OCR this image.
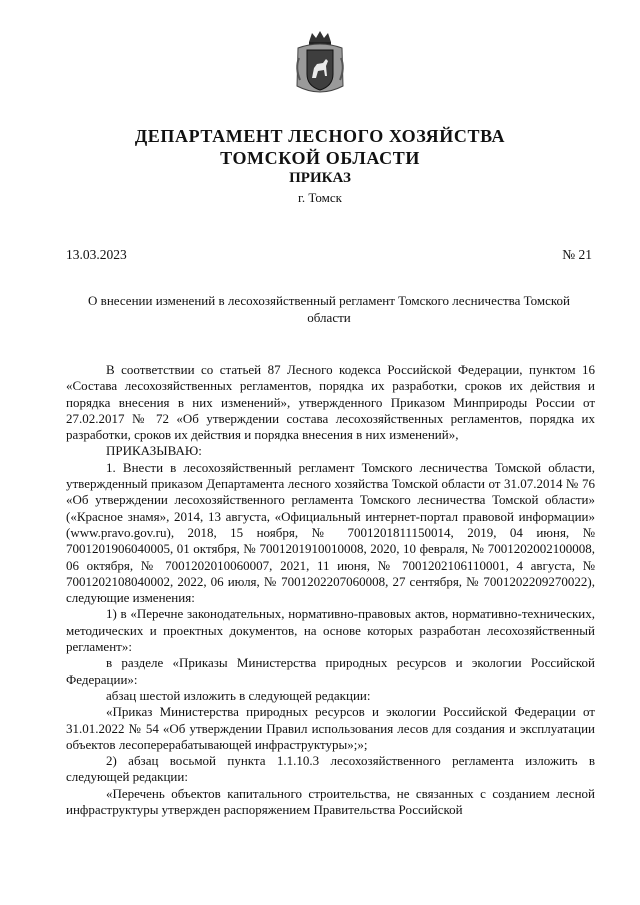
ДЕПАРТАМЕНТ ЛЕСНОГО ХОЗЯЙСТВА
ТОМСКОЙ ОБЛАСТИ
ПРИКАЗ
г. Томск
13.03.2023	№ 21
О внесении изменений в лесохозяйственный регламент Томского лесничества Томской области

В соответствии со статьей 87 Лесного кодекса Российской Федерации, пунктом 16 «Состава лесохозяйственных регламентов, порядка их разработки, сроков их действия и порядка внесения в них изменений», утвержденного Приказом Минприроды России от 27.02.2017 № 72 «Об утверждении состава лесохозяйственных регламентов, порядка их разработки, сроков их действия и порядка внесения в них изменений»,

ПРИКАЗЫВАЮ:

1. Внести в лесохозяйственный регламент Томского лесничества Томской области, утвержденный приказом Департамента лесного хозяйства Томской области от 31.07.2014 № 76 «Об утверждении лесохозяйственного регламента Томского лесничества Томской области» («Красное знамя», 2014, 13 августа, «Официальный интернет-портал правовой информации» (www.pravo.gov.ru), 2018, 15 ноября, № 7001201811150014, 2019, 04 июня, № 7001201906040005, 01 октября, № 7001201910010008, 2020, 10 февраля, № 7001202002100008, 06 октября, № 7001202010060007, 2021, 11 июня, № 7001202106110001, 4 августа, № 7001202108040002, 2022, 06 июля, № 7001202207060008, 27 сентября, № 7001202209270022), следующие изменения:

1) в «Перечне законодательных, нормативно-правовых актов, нормативно-технических, методических и проектных документов, на основе которых разработан лесохозяйственный регламент»:

в разделе «Приказы Министерства природных ресурсов и экологии Российской Федерации»:

абзац шестой изложить в следующей редакции:

«Приказ Министерства природных ресурсов и экологии Российской Федерации от 31.01.2022 № 54 «Об утверждении Правил использования лесов для создания и эксплуатации объектов лесоперерабатывающей инфраструктуры»;»;

2) абзац восьмой пункта 1.1.10.3 лесохозяйственного регламента изложить в следующей редакции:

«Перечень объектов капитального строительства, не связанных с созданием лесной инфраструктуры утвержден распоряжением Правительства Российской
